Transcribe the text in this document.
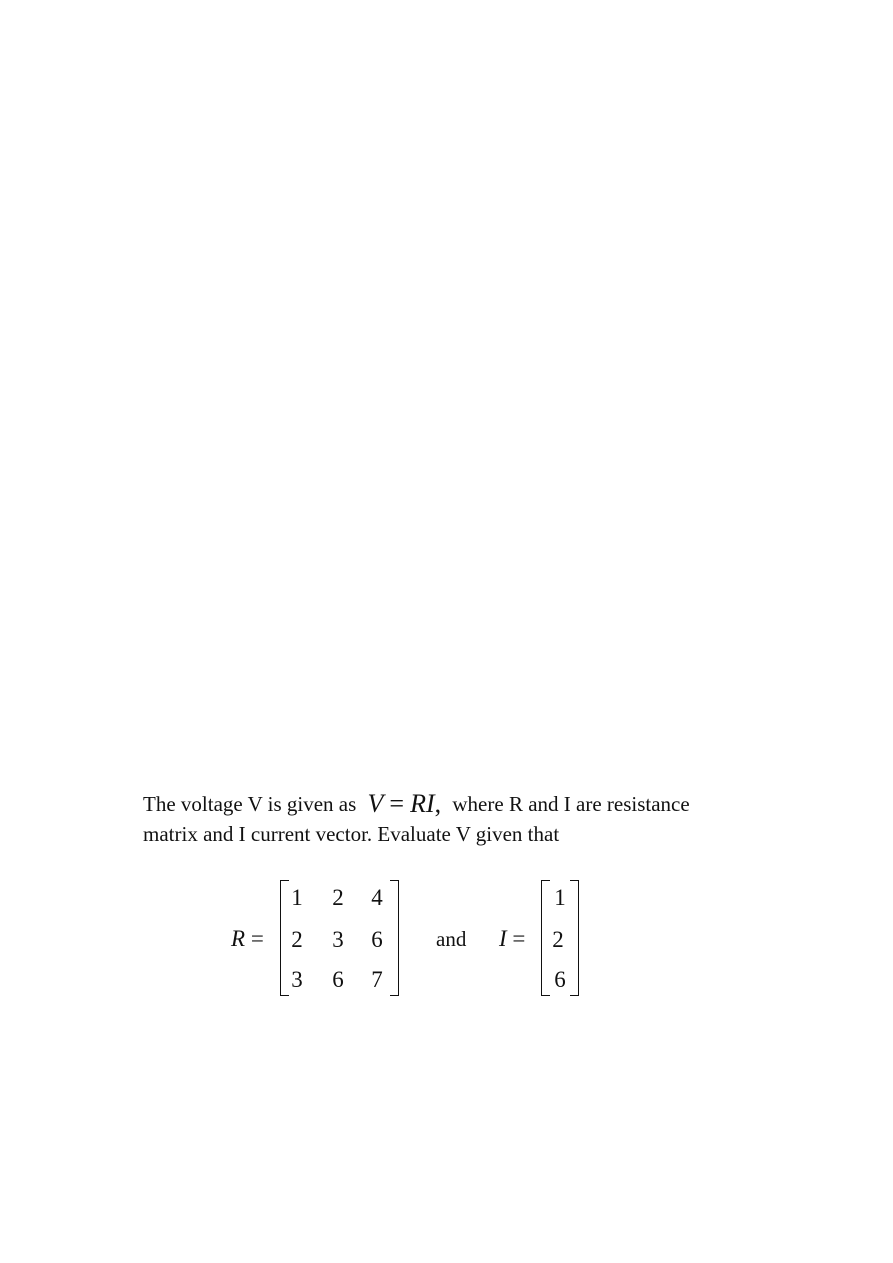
The voltage V is given as V = RI, where R and I are resistance
matrix and I current vector. Evaluate V given that
R =
1 2 4
2 3 6
3 6 7
and I =
1
2
6
